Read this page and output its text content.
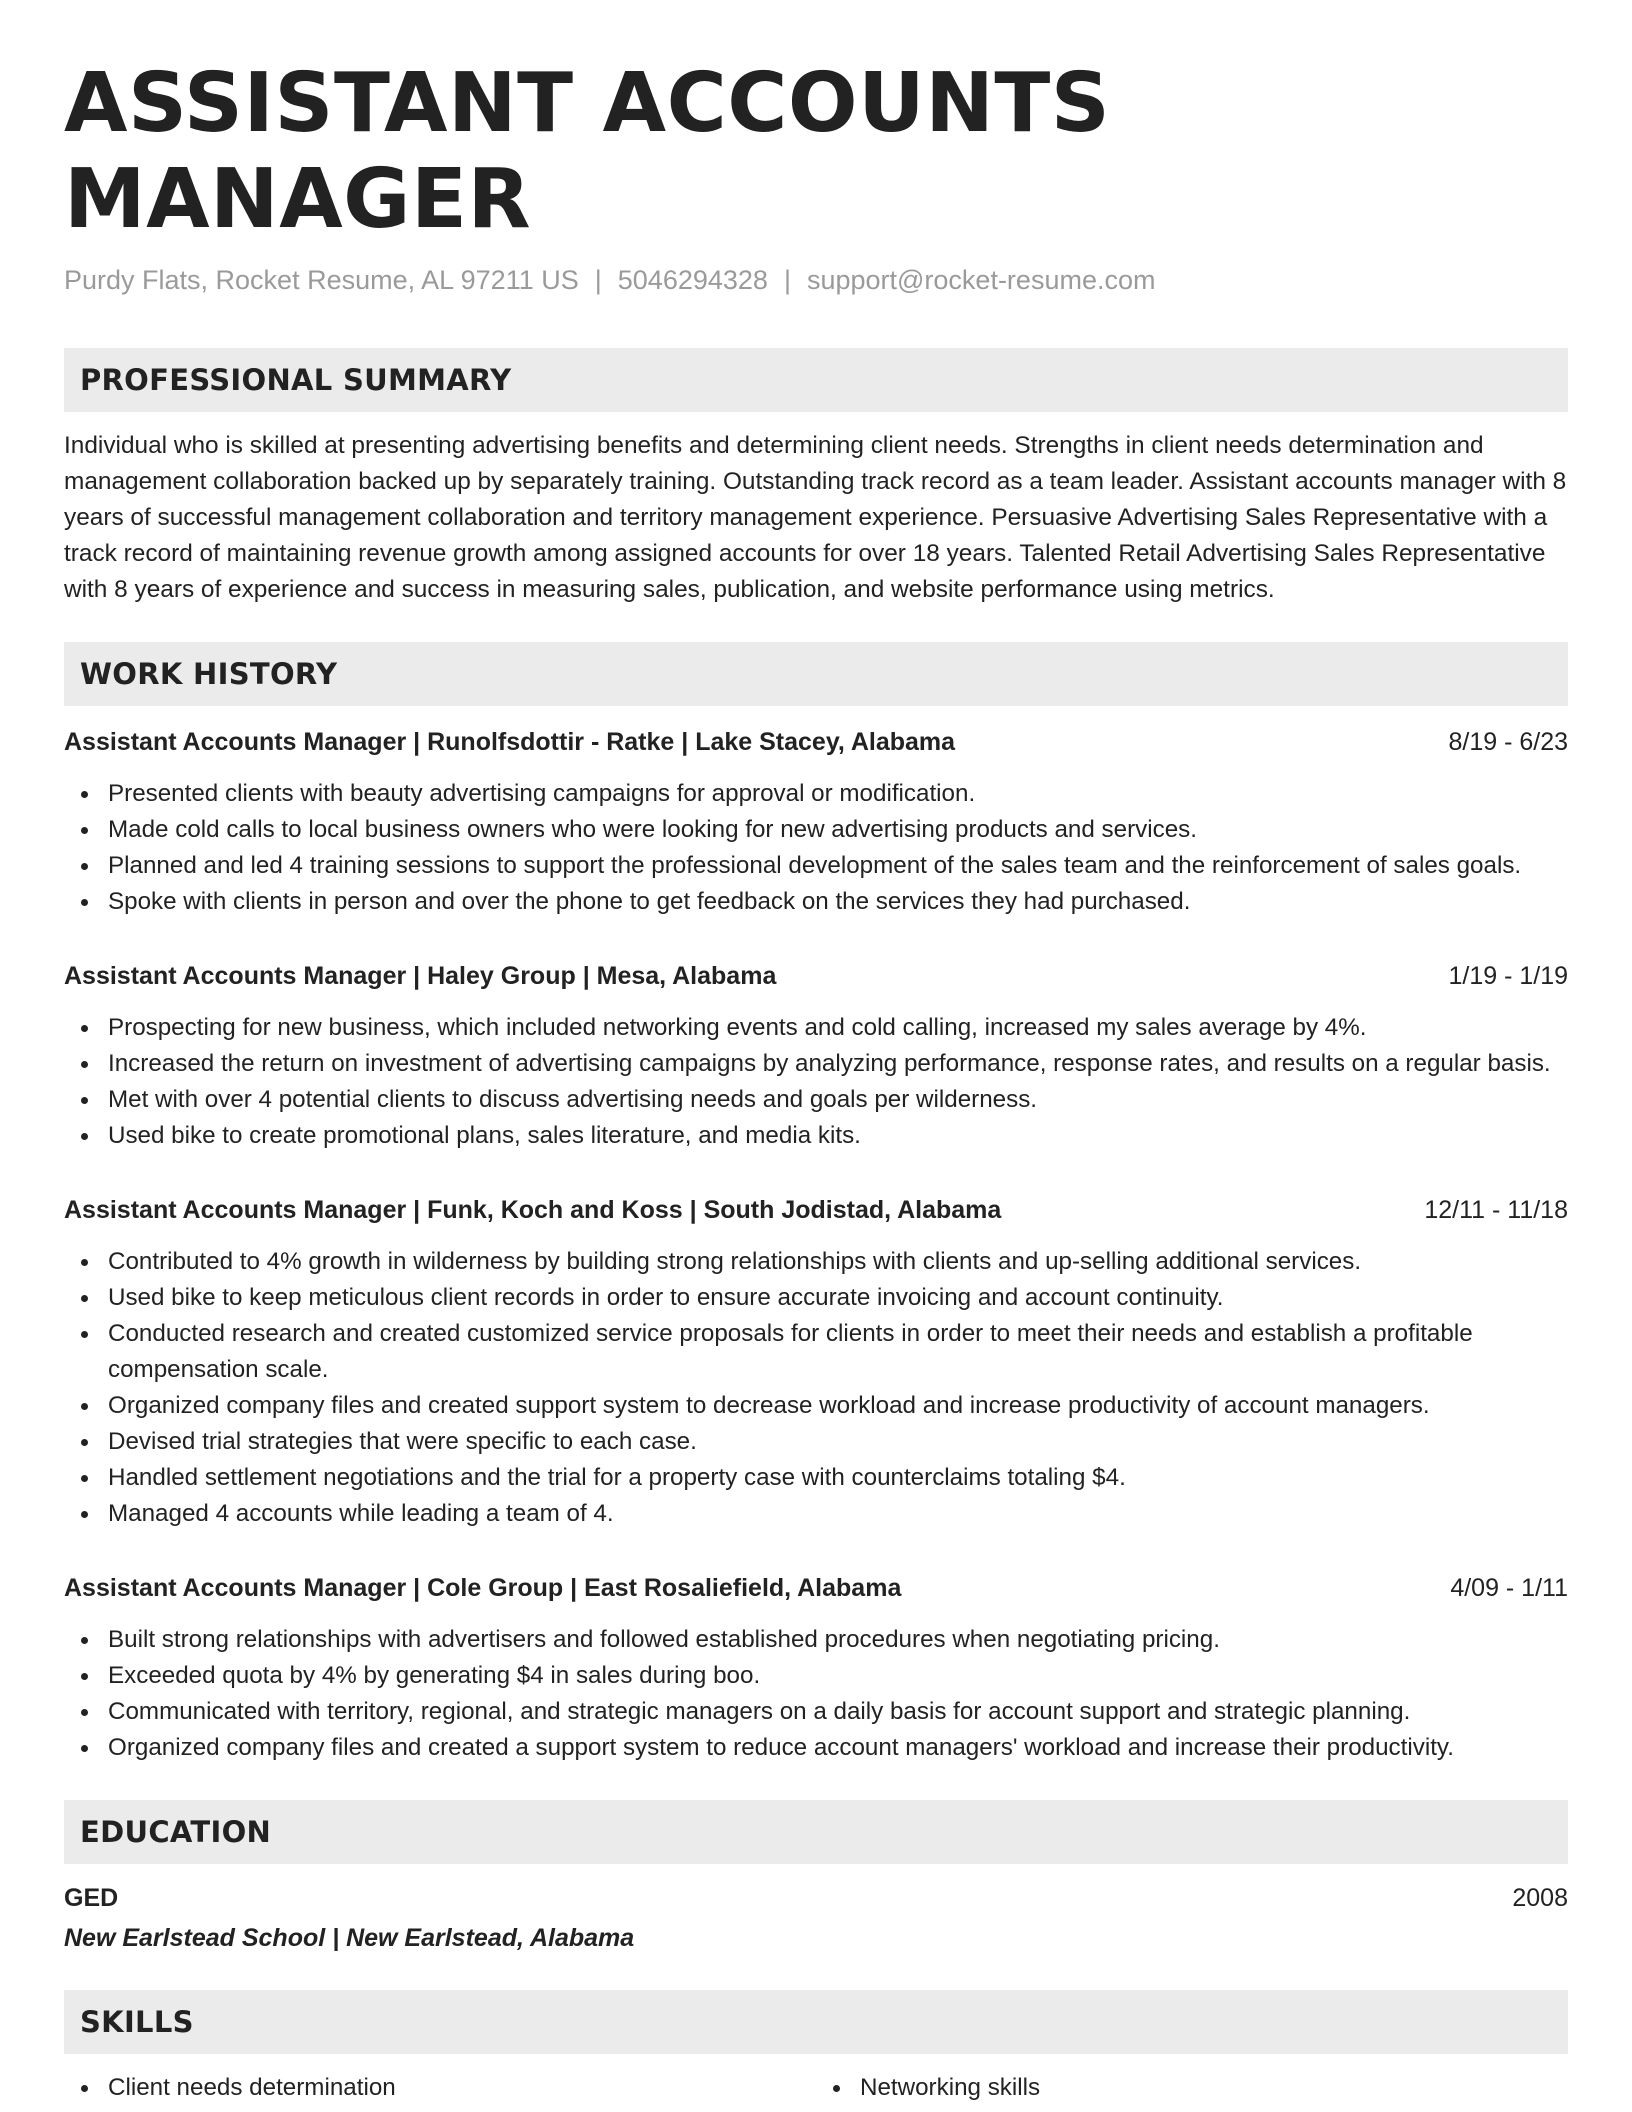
ASSISTANT ACCOUNTS MANAGER
Purdy Flats, Rocket Resume, AL 97211 US | 5046294328 | support@rocket-resume.com
PROFESSIONAL SUMMARY
Individual who is skilled at presenting advertising benefits and determining client needs. Strengths in client needs determination and management collaboration backed up by separately training. Outstanding track record as a team leader. Assistant accounts manager with 8 years of successful management collaboration and territory management experience. Persuasive Advertising Sales Representative with a track record of maintaining revenue growth among assigned accounts for over 18 years. Talented Retail Advertising Sales Representative with 8 years of experience and success in measuring sales, publication, and website performance using metrics.
WORK HISTORY
Assistant Accounts Manager | Runolfsdottir - Ratke | Lake Stacey, Alabama	8/19 - 6/23
Presented clients with beauty advertising campaigns for approval or modification.
Made cold calls to local business owners who were looking for new advertising products and services.
Planned and led 4 training sessions to support the professional development of the sales team and the reinforcement of sales goals.
Spoke with clients in person and over the phone to get feedback on the services they had purchased.
Assistant Accounts Manager | Haley Group | Mesa, Alabama	1/19 - 1/19
Prospecting for new business, which included networking events and cold calling, increased my sales average by 4%.
Increased the return on investment of advertising campaigns by analyzing performance, response rates, and results on a regular basis.
Met with over 4 potential clients to discuss advertising needs and goals per wilderness.
Used bike to create promotional plans, sales literature, and media kits.
Assistant Accounts Manager | Funk, Koch and Koss | South Jodistad, Alabama	12/11 - 11/18
Contributed to 4% growth in wilderness by building strong relationships with clients and up-selling additional services.
Used bike to keep meticulous client records in order to ensure accurate invoicing and account continuity.
Conducted research and created customized service proposals for clients in order to meet their needs and establish a profitable compensation scale.
Organized company files and created support system to decrease workload and increase productivity of account managers.
Devised trial strategies that were specific to each case.
Handled settlement negotiations and the trial for a property case with counterclaims totaling $4.
Managed 4 accounts while leading a team of 4.
Assistant Accounts Manager | Cole Group | East Rosaliefield, Alabama	4/09 - 1/11
Built strong relationships with advertisers and followed established procedures when negotiating pricing.
Exceeded quota by 4% by generating $4 in sales during boo.
Communicated with territory, regional, and strategic managers on a daily basis for account support and strategic planning.
Organized company files and created a support system to reduce account managers' workload and increase their productivity.
EDUCATION
GED	2008
New Earlstead School | New Earlstead, Alabama
SKILLS
Client needs determination	Networking skills
